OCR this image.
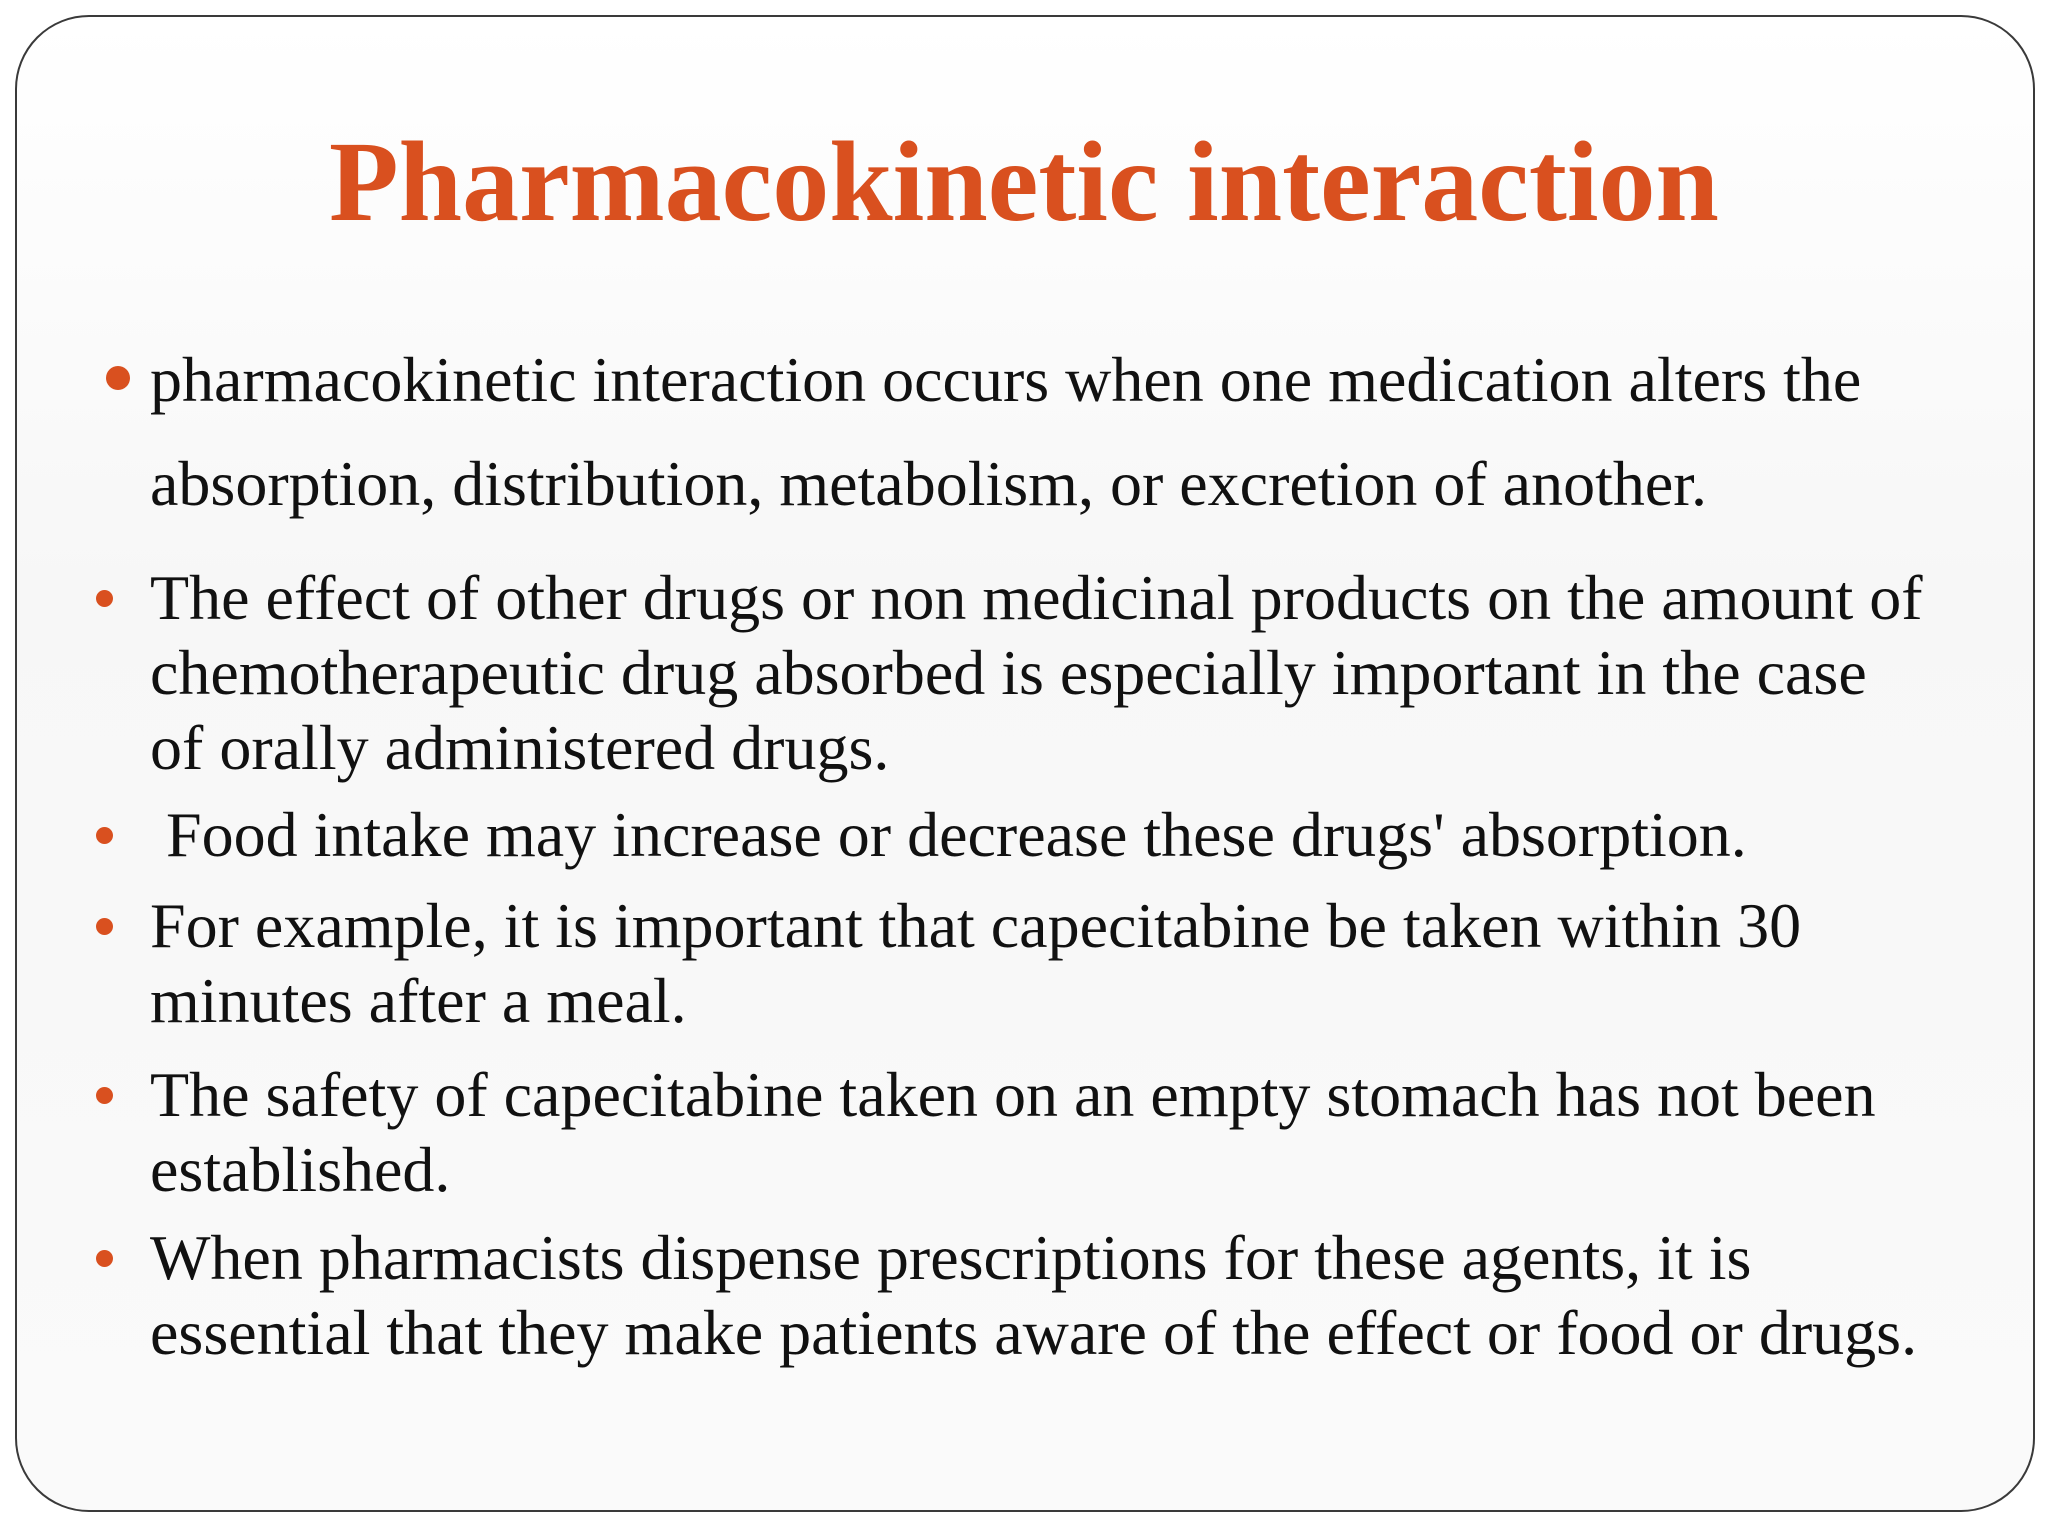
Pharmacokinetic interaction
pharmacokinetic interaction occurs when one medication alters the absorption, distribution, metabolism, or excretion of another.
The effect of other drugs or non medicinal products on the amount of chemotherapeutic drug absorbed is especially important in the case of orally administered drugs.
Food intake may increase or decrease these drugs' absorption.
For example, it is important that capecitabine be taken within 30 minutes after a meal.
The safety of capecitabine taken on an empty stomach has not been established.
When pharmacists dispense prescriptions for these agents, it is essential that they make patients aware of the effect or food or drugs.
